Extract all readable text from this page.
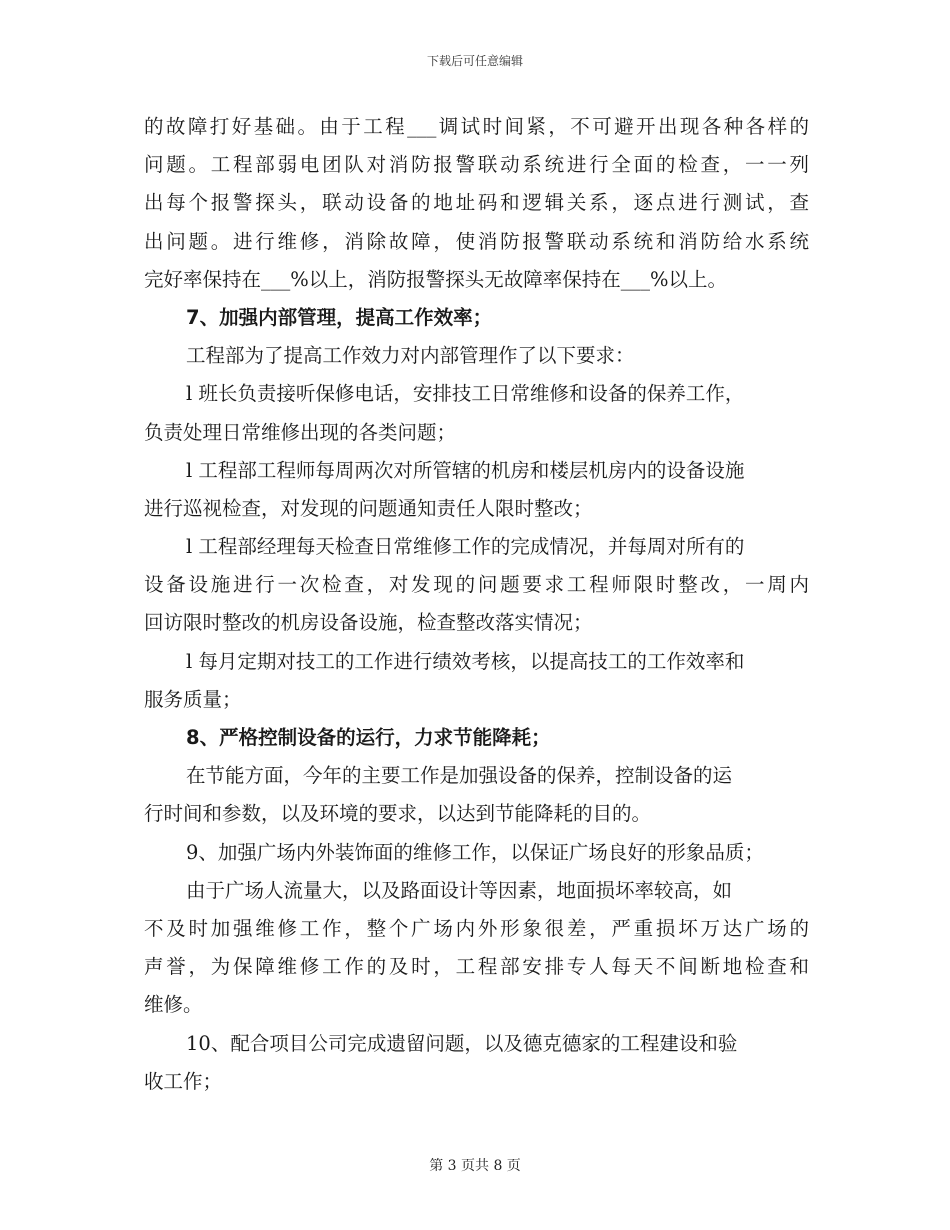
下载后可任意编辑
的故障打好基础。由于工程___调试时间紧，不可避开出现各种各样的
问题。工程部弱电团队对消防报警联动系统进行全面的检查，一一列
出每个报警探头，联动设备的地址码和逻辑关系，逐点进行测试，查
出问题。进行维修，消除故障，使消防报警联动系统和消防给水系统
完好率保持在___%以上，消防报警探头无故障率保持在___%以上。
7、加强内部管理，提高工作效率；
工程部为了提高工作效力对内部管理作了以下要求：
l 班长负责接听保修电话，安排技工日常维修和设备的保养工作，
负责处理日常维修出现的各类问题；
l 工程部工程师每周两次对所管辖的机房和楼层机房内的设备设施
进行巡视检查，对发现的问题通知责任人限时整改；
l 工程部经理每天检查日常维修工作的完成情况，并每周对所有的
设备设施进行一次检查，对发现的问题要求工程师限时整改，一周内
回访限时整改的机房设备设施，检查整改落实情况；
l 每月定期对技工的工作进行绩效考核，以提高技工的工作效率和
服务质量；
8、严格控制设备的运行，力求节能降耗；
在节能方面，今年的主要工作是加强设备的保养，控制设备的运
行时间和参数，以及环境的要求，以达到节能降耗的目的。
9、加强广场内外装饰面的维修工作，以保证广场良好的形象品质；
由于广场人流量大，以及路面设计等因素，地面损坏率较高，如
不及时加强维修工作，整个广场内外形象很差，严重损坏万达广场的
声誉，为保障维修工作的及时，工程部安排专人每天不间断地检查和
维修。
10、配合项目公司完成遗留问题，以及德克德家的工程建设和验
收工作；
第 3 页共 8 页
